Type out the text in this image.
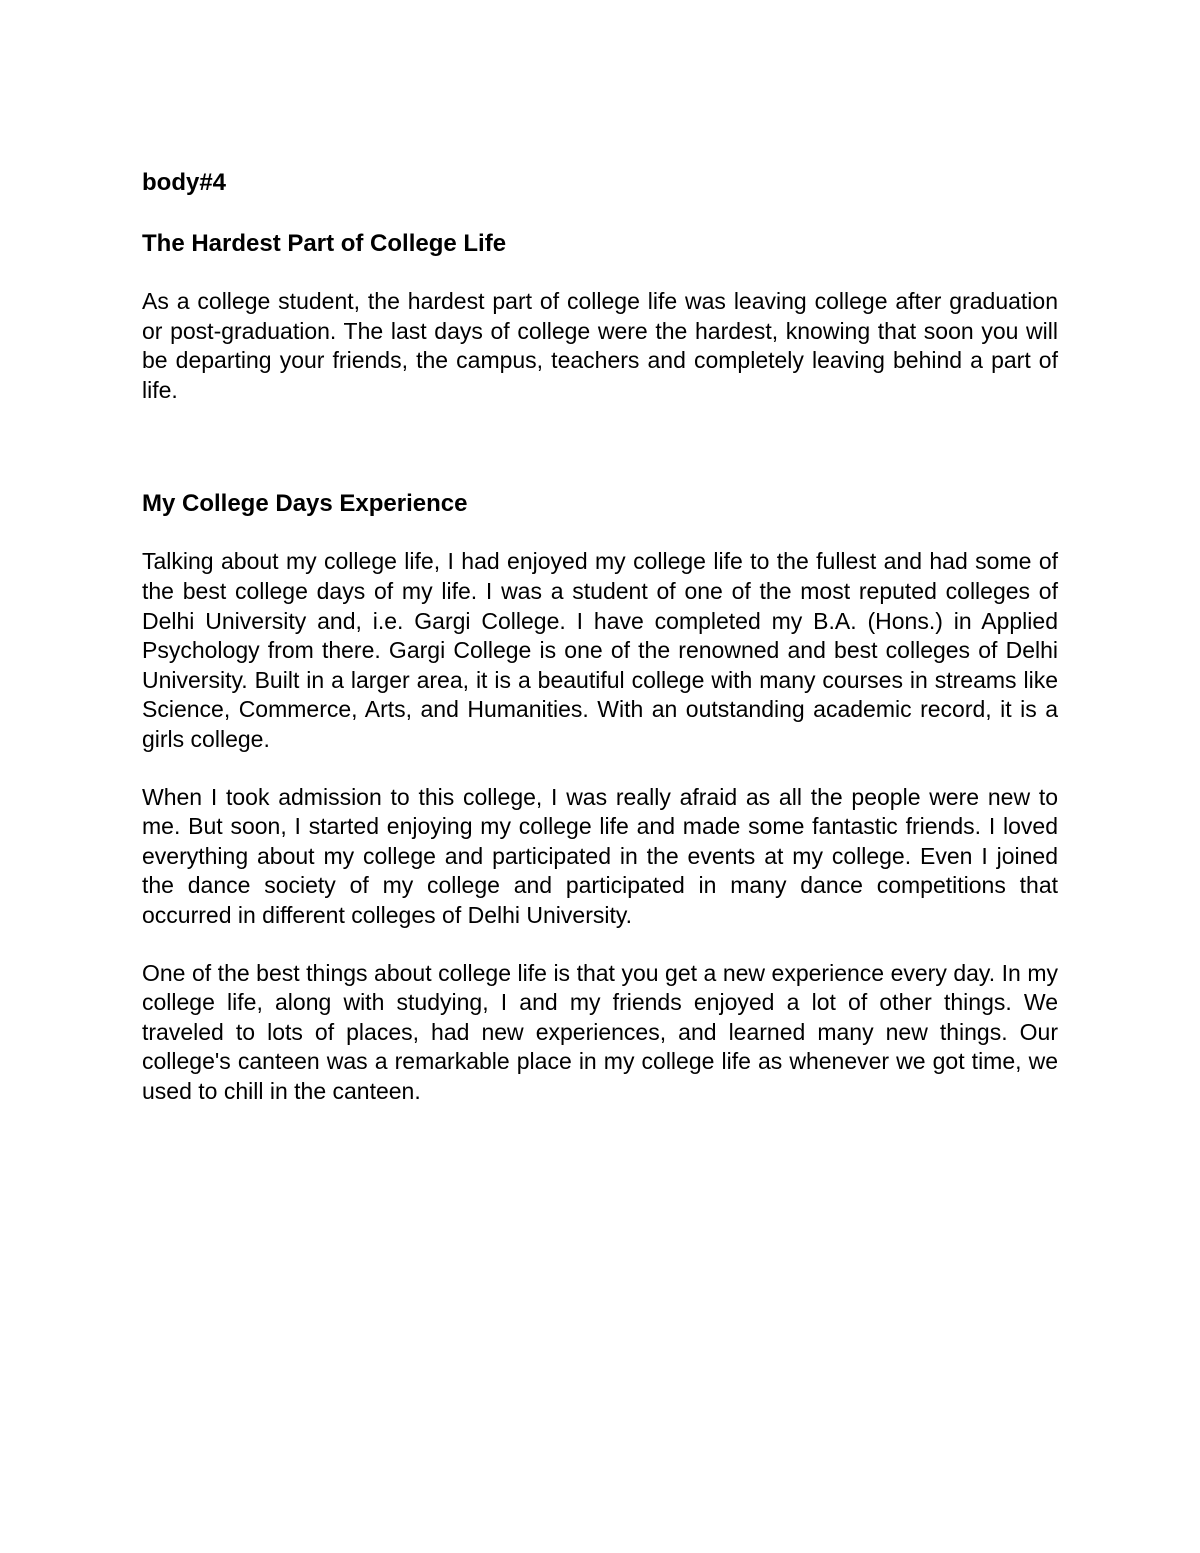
body#4

The Hardest Part of College Life

As a college student, the hardest part of college life was leaving college after graduation or post-graduation. The last days of college were the hardest, knowing that soon you will be departing your friends, the campus, teachers and completely leaving behind a part of life.

My College Days Experience

Talking about my college life, I had enjoyed my college life to the fullest and had some of the best college days of my life. I was a student of one of the most reputed colleges of Delhi University and, i.e. Gargi College. I have completed my B.A. (Hons.) in Applied Psychology from there. Gargi College is one of the renowned and best colleges of Delhi University. Built in a larger area, it is a beautiful college with many courses in streams like Science, Commerce, Arts, and Humanities. With an outstanding academic record, it is a girls college.

When I took admission to this college, I was really afraid as all the people were new to me. But soon, I started enjoying my college life and made some fantastic friends. I loved everything about my college and participated in the events at my college. Even I joined the dance society of my college and participated in many dance competitions that occurred in different colleges of Delhi University.

One of the best things about college life is that you get a new experience every day. In my college life, along with studying, I and my friends enjoyed a lot of other things. We traveled to lots of places, had new experiences, and learned many new things. Our college's canteen was a remarkable place in my college life as whenever we got time, we used to chill in the canteen.
